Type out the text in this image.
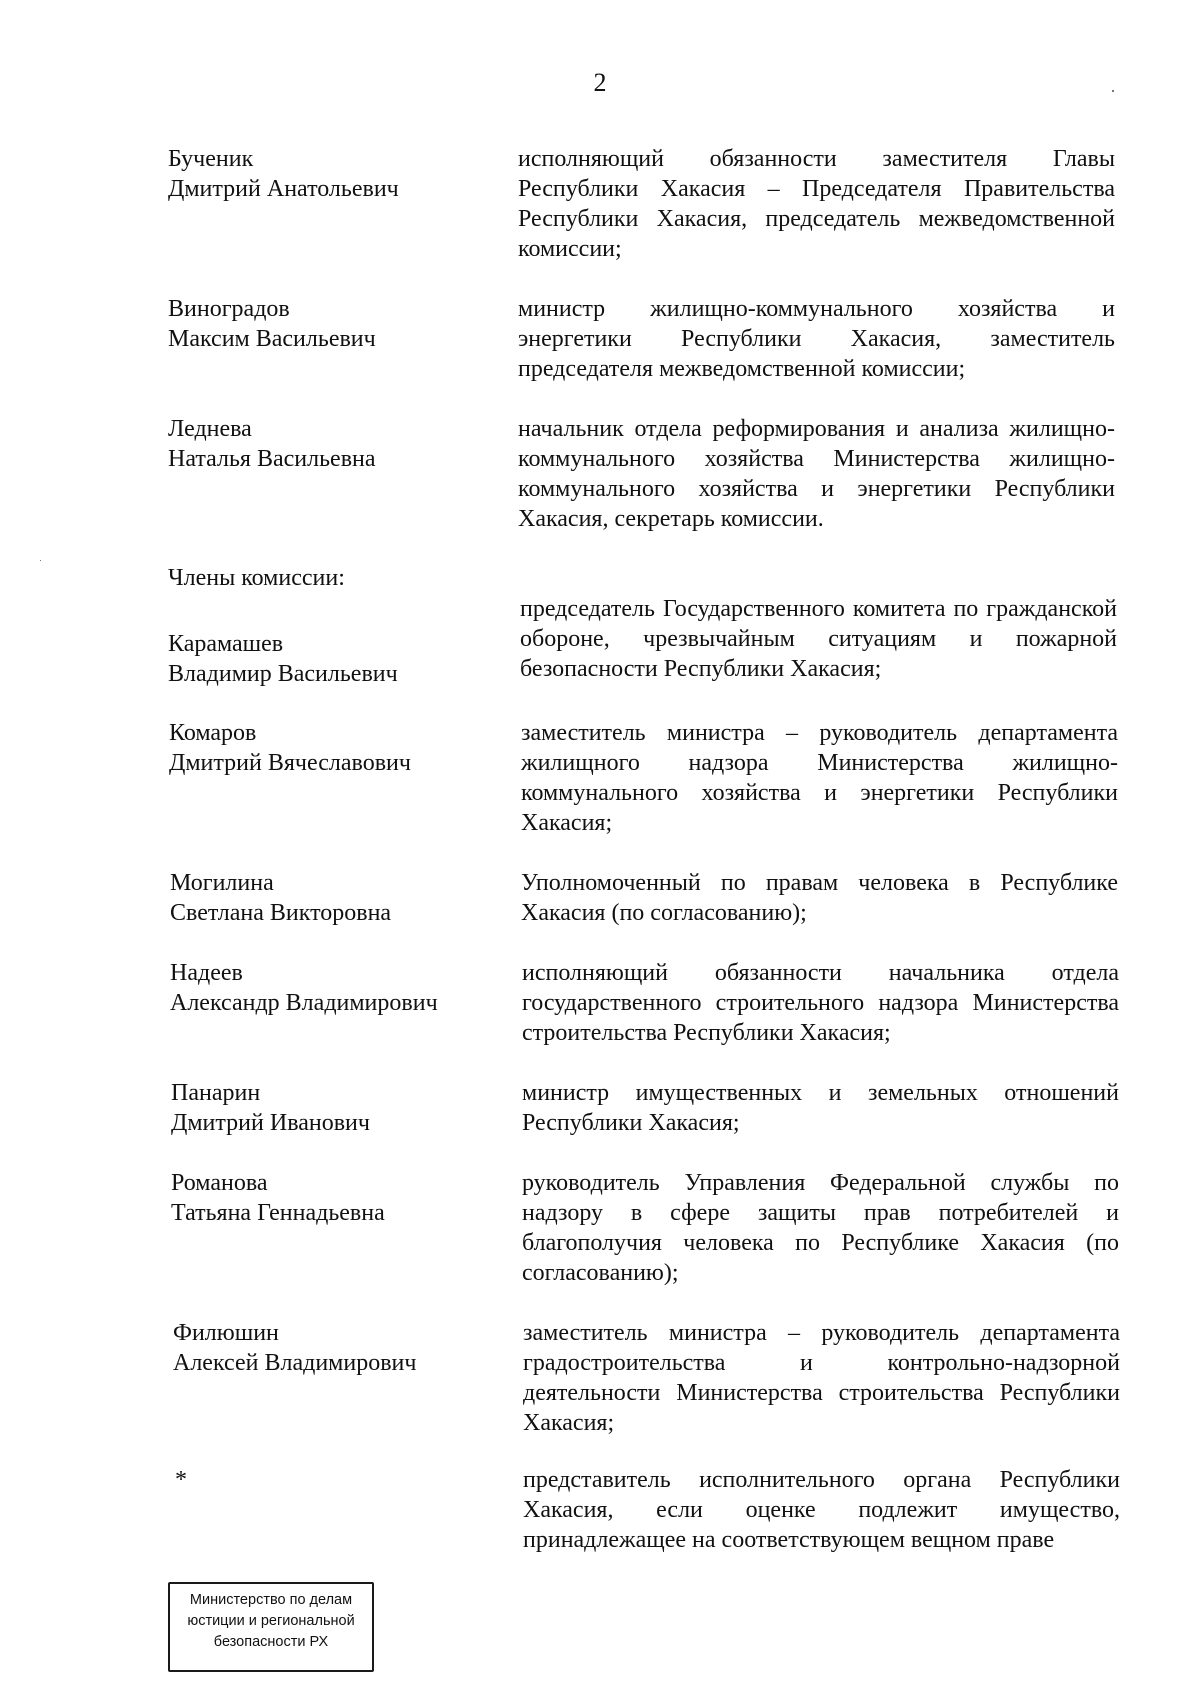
2
Бученик
Дмитрий Анатольевич
исполняющий обязанности заместителя Главы Республики Хакасия – Председателя Правительства Республики Хакасия, председатель межведомственной комиссии;
Виноградов
Максим Васильевич
министр жилищно-коммунального хозяйства и энергетики Республики Хакасия, заместитель председателя межведомственной комиссии;
Леднева
Наталья Васильевна
начальник отдела реформирования и анализа жилищно-коммунального хозяйства Министерства жилищно-коммунального хозяйства и энергетики Республики Хакасия, секретарь комиссии.
Члены комиссии:
Карамашев
Владимир Васильевич
председатель Государственного комитета по гражданской обороне, чрезвычайным ситуациям и пожарной безопасности Республики Хакасия;
Комаров
Дмитрий Вячеславович
заместитель министра – руководитель департамента жилищного надзора Министерства жилищно-коммунального хозяйства и энергетики Республики Хакасия;
Могилина
Светлана Викторовна
Уполномоченный по правам человека в Республике Хакасия (по согласованию);
Надеев
Александр Владимирович
исполняющий обязанности начальника отдела государственного строительного надзора Министерства строительства Республики Хакасия;
Панарин
Дмитрий Иванович
министр имущественных и земельных отношений Республики Хакасия;
Романова
Татьяна Геннадьевна
руководитель Управления Федеральной службы по надзору в сфере защиты прав потребителей и благополучия человека по Республике Хакасия (по согласованию);
Филюшин
Алексей Владимирович
заместитель министра – руководитель департамента градостроительства и контрольно-надзорной деятельности Министерства строительства Республики Хакасия;
*	представитель исполнительного органа Республики Хакасия, если оценке подлежит имущество, принадлежащее на соответствующем вещном праве
Министерство по делам
юстиции и региональной
безопасности РХ
